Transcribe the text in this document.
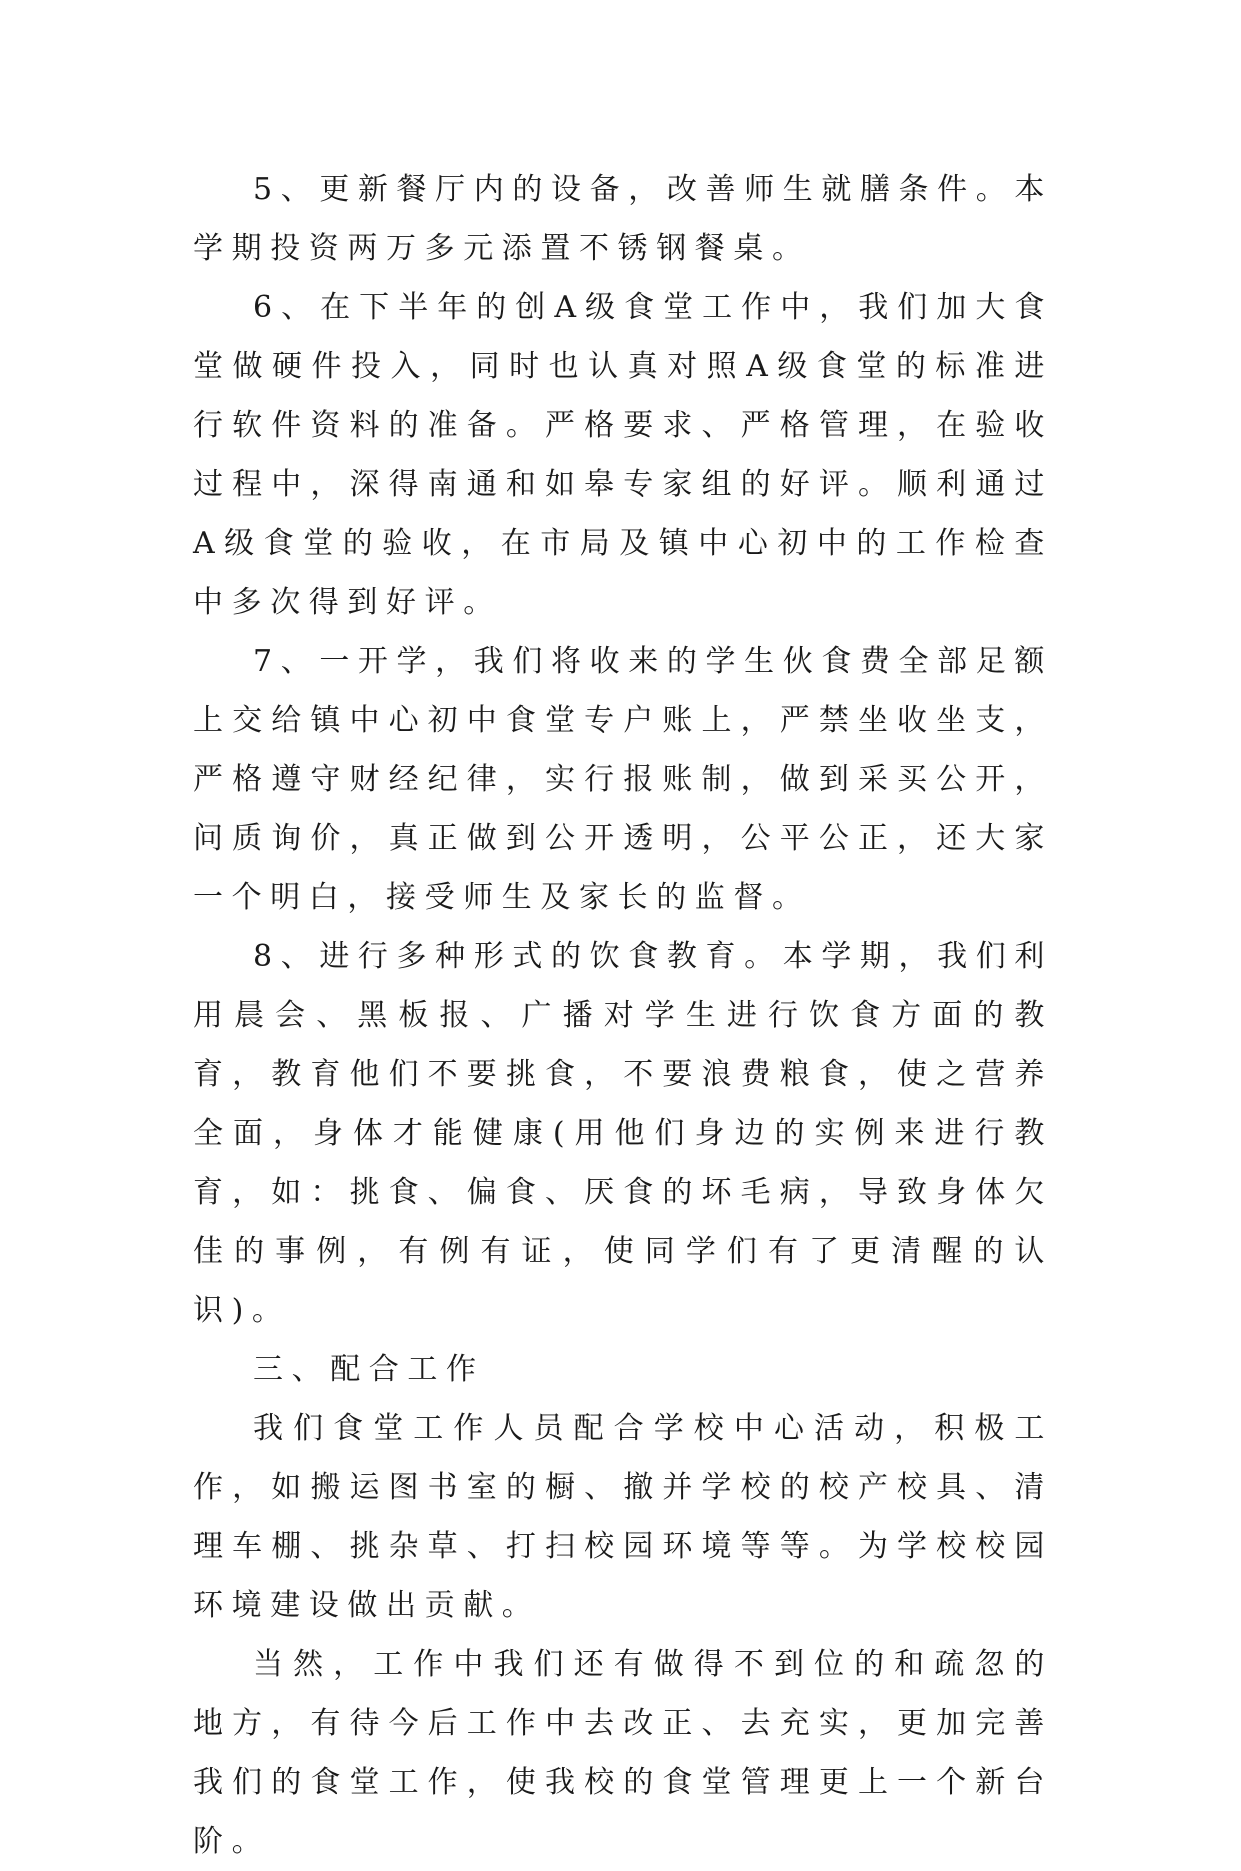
5、更新餐厅内的设备，改善师生就膳条件。本学期投资两万多元添置不锈钢餐桌。

6、在下半年的创A级食堂工作中，我们加大食堂做硬件投入，同时也认真对照A级食堂的标准进行软件资料的准备。严格要求、严格管理，在验收过程中，深得南通和如皋专家组的好评。顺利通过A级食堂的验收，在市局及镇中心初中的工作检查中多次得到好评。

7、一开学，我们将收来的学生伙食费全部足额上交给镇中心初中食堂专户账上，严禁坐收坐支，严格遵守财经纪律，实行报账制，做到采买公开，问质询价，真正做到公开透明，公平公正，还大家一个明白，接受师生及家长的监督。

8、进行多种形式的饮食教育。本学期，我们利用晨会、黑板报、广播对学生进行饮食方面的教育，教育他们不要挑食，不要浪费粮食，使之营养全面，身体才能健康(用他们身边的实例来进行教育，如：挑食、偏食、厌食的坏毛病，导致身体欠佳的事例，有例有证，使同学们有了更清醒的认识)。

三、配合工作

我们食堂工作人员配合学校中心活动，积极工作，如搬运图书室的橱、撤并学校的校产校具、清理车棚、挑杂草、打扫校园环境等等。为学校校园环境建设做出贡献。

当然，工作中我们还有做得不到位的和疏忽的地方，有待今后工作中去改正、去充实，更加完善我们的食堂工作，使我校的食堂管理更上一个新台阶。
